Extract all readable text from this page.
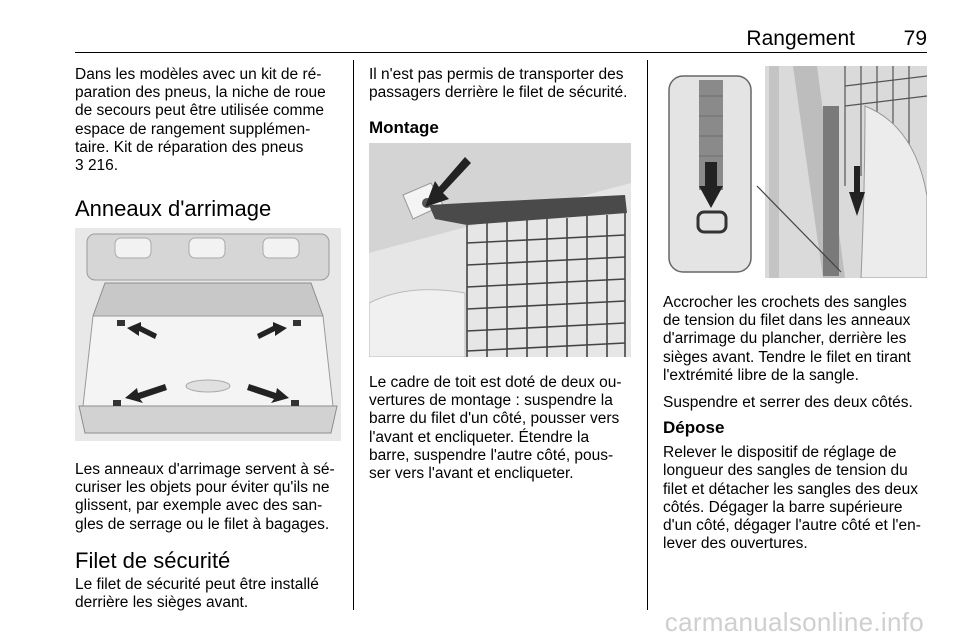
Rangement 79

Dans les modèles avec un kit de ré-
paration des pneus, la niche de roue
de secours peut être utilisée comme
espace de rangement supplémen-
taire. Kit de réparation des pneus

3 216.

Anneaux d'arrimage

Les anneaux d'arrimage servent à sé-
curiser les objets pour éviter qu'ils ne
glissent, par exemple avec des san-
gles de serrage ou le filet à bagages.

Filet de sécurité

Le filet de sécurité peut être installé
derrière les sièges avant.

Il n'est pas permis de transporter des
passagers derrière le filet de sécurité.

Montage

Le cadre de toit est doté de deux ou-
vertures de montage : suspendre la
barre du filet d'un côté, pousser vers
l'avant et encliqueter. Étendre la
barre, suspendre l'autre côté, pous-
ser vers l'avant et encliqueter.

Accrocher les crochets des sangles
de tension du filet dans les anneaux
d'arrimage du plancher, derrière les
sièges avant. Tendre le filet en tirant
l'extrémité libre de la sangle.

Suspendre et serrer des deux côtés.

Dépose

Relever le dispositif de réglage de
longueur des sangles de tension du
filet et détacher les sangles des deux
côtés. Dégager la barre supérieure
d'un côté, dégager l'autre côté et l'en-
lever des ouvertures.

carmanualsonline.info
